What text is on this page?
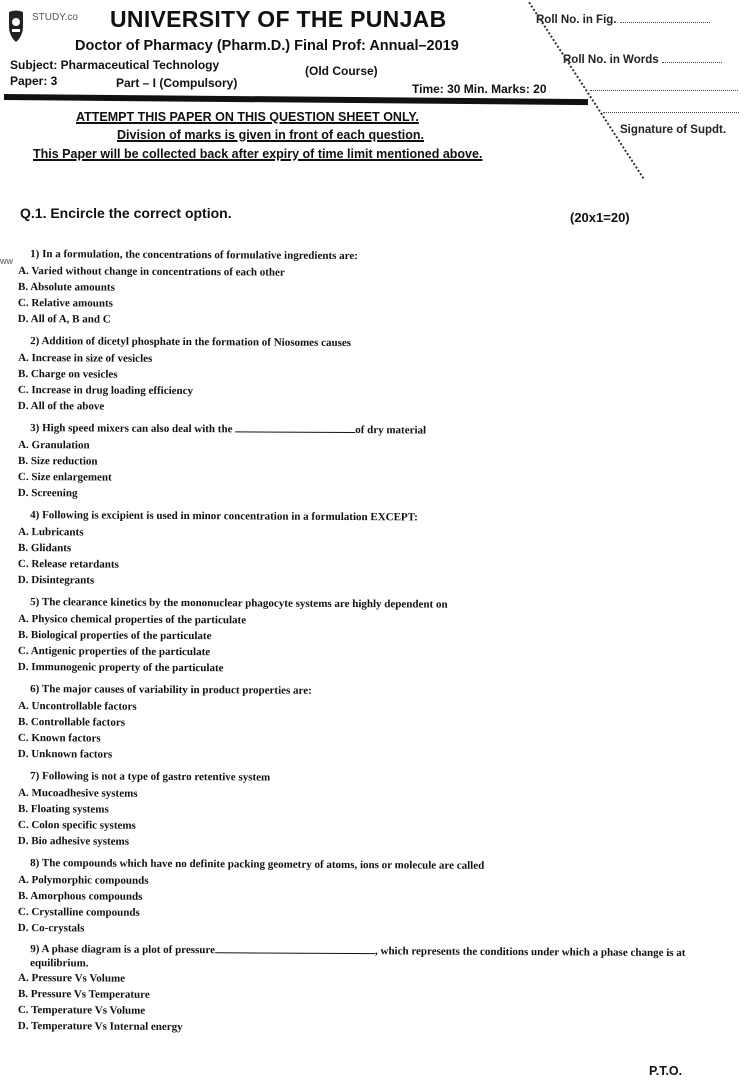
STUDY.co UNIVERSITY OF THE PUNJAB
Doctor of Pharmacy (Pharm.D.) Final Prof: Annual–2019
Subject: Pharmaceutical Technology	(Old Course)
Paper: 3	Part – I (Compulsory)	Time: 30 Min. Marks: 20
Roll No. in Fig.
Roll No. in Words
Signature of Supdt.
ATTEMPT THIS PAPER ON THIS QUESTION SHEET ONLY.
Division of marks is given in front of each question.
This Paper will be collected back after expiry of time limit mentioned above.
Q.1. Encircle the correct option.	(20x1=20)
ww 1) In a formulation, the concentrations of formulative ingredients are:
A. Varied without change in concentrations of each other
B. Absolute amounts
C. Relative amounts
D. All of A, B and C
2) Addition of dicetyl phosphate in the formation of Niosomes causes
A. Increase in size of vesicles
B. Charge on vesicles
C. Increase in drug loading efficiency
D. All of the above
3) High speed mixers can also deal with the	of dry material
A. Granulation
B. Size reduction
C. Size enlargement
D. Screening
4) Following is excipient is used in minor concentration in a formulation EXCEPT:
A. Lubricants
B. Glidants
C. Release retardants
D. Disintegrants
5) The clearance kinetics by the mononuclear phagocyte systems are highly dependent on
A. Physico chemical properties of the particulate
B. Biological properties of the particulate
C. Antigenic properties of the particulate
D. Immunogenic property of the particulate
6) The major causes of variability in product properties are:
A. Uncontrollable factors
B. Controllable factors
C. Known factors
D. Unknown factors
7) Following is not a type of gastro retentive system
A. Mucoadhesive systems
B. Floating systems
C. Colon specific systems
D. Bio adhesive systems
8) The compounds which have no definite packing geometry of atoms, ions or molecule are called
A. Polymorphic compounds
B. Amorphous compounds
C. Crystalline compounds
D. Co-crystals
9) A phase diagram is a plot of pressure	, which represents the conditions under which a phase change is at equilibrium.
A. Pressure Vs Volume
B. Pressure Vs Temperature
C. Temperature Vs Volume
D. Temperature Vs Internal energy
P.T.O.
